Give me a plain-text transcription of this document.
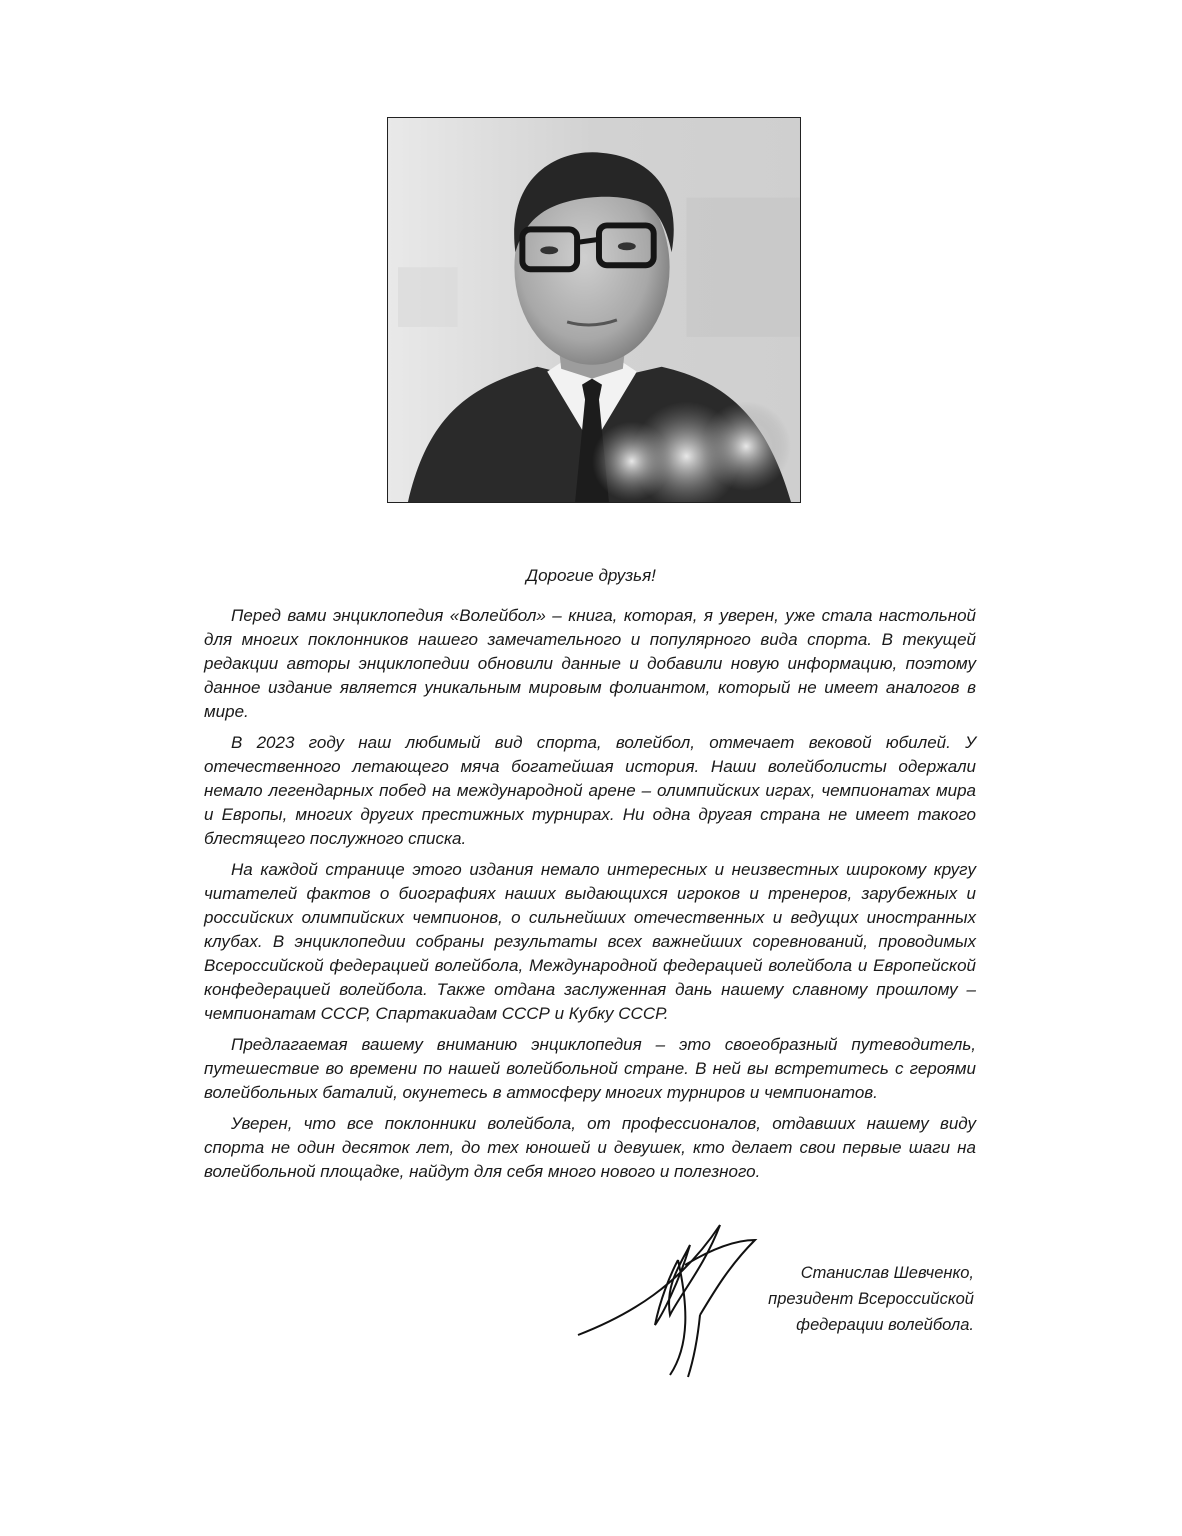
Дорогие друзья!

Перед вами энциклопедия «Волейбол» – книга, которая, я уверен, уже стала настольной для многих поклонников нашего замечательного и популярного вида спорта. В текущей редакции авторы энциклопедии обновили данные и добавили новую информацию, поэтому данное издание является уникальным мировым фолиантом, который не имеет аналогов в мире.

В 2023 году наш любимый вид спорта, волейбол, отмечает вековой юбилей. У отечественного летающего мяча богатейшая история. Наши волейболисты одержали немало легендарных побед на международной арене – олимпийских играх, чемпионатах мира и Европы, многих других престижных турнирах. Ни одна другая страна не имеет такого блестящего послужного списка.

На каждой странице этого издания немало интересных и неизвестных широкому кругу читателей фактов о биографиях наших выдающихся игроков и тренеров, зарубежных и российских олимпийских чемпионов, о сильнейших отечественных и ведущих иностранных клубах. В энциклопедии собраны результаты всех важнейших соревнований, проводимых Всероссийской федерацией волейбола, Международной федерацией волейбола и Европейской конфедерацией волейбола. Также отдана заслуженная дань нашему славному прошлому – чемпионатам СССР, Спартакиадам СССР и Кубку СССР.

Предлагаемая вашему вниманию энциклопедия – это своеобразный путеводитель, путешествие во времени по нашей волейбольной стране. В ней вы встретитесь с героями волейбольных баталий, окунетесь в атмосферу многих турниров и чемпионатов.

Уверен, что все поклонники волейбола, от профессионалов, отдавших нашему виду спорта не один десяток лет, до тех юношей и девушек, кто делает свои первые шаги на волейбольной площадке, найдут для себя много нового и полезного.

Станислав Шевченко,
президент Всероссийской
федерации волейбола.
